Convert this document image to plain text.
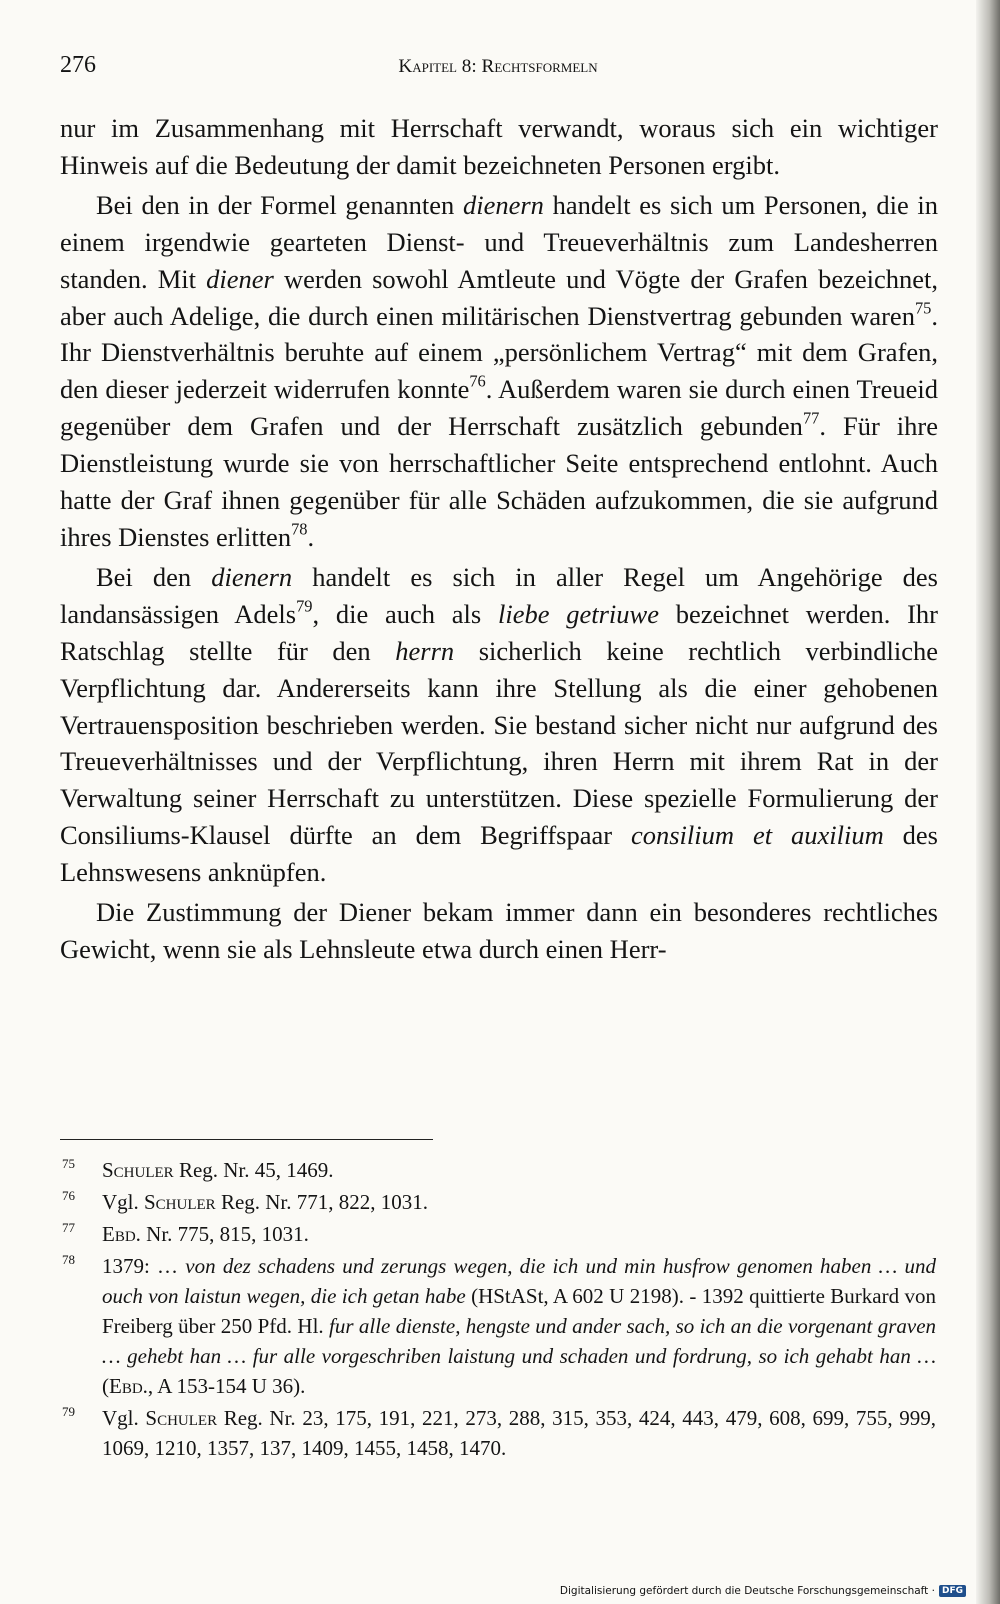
276	Kapitel 8: Rechtsformeln

nur im Zusammenhang mit Herrschaft verwandt, woraus sich ein wichtiger Hinweis auf die Bedeutung der damit bezeichneten Personen ergibt.

Bei den in der Formel genannten dienern handelt es sich um Personen, die in einem irgendwie gearteten Dienst- und Treueverhältnis zum Landesherren standen. Mit diener werden sowohl Amtleute und Vögte der Grafen bezeichnet, aber auch Adelige, die durch einen militärischen Dienstvertrag gebunden waren$^{75}$. Ihr Dienstverhältnis beruhte auf einem „persönlichem Vertrag“ mit dem Grafen, den dieser jederzeit widerrufen konnte$^{76}$. Außerdem waren sie durch einen Treueid gegenüber dem Grafen und der Herrschaft zusätzlich gebunden$^{77}$. Für ihre Dienstleistung wurde sie von herrschaftlicher Seite entsprechend entlohnt. Auch hatte der Graf ihnen gegenüber für alle Schäden aufzukommen, die sie aufgrund ihres Dienstes erlitten$^{78}$.

Bei den dienern handelt es sich in aller Regel um Angehörige des landansässigen Adels$^{79}$, die auch als liebe getriuwe bezeichnet werden. Ihr Ratschlag stellte für den herrn sicherlich keine rechtlich verbindliche Verpflichtung dar. Andererseits kann ihre Stellung als die einer gehobenen Vertrauensposition beschrieben werden. Sie bestand sicher nicht nur aufgrund des Treueverhältnisses und der Verpflichtung, ihren Herrn mit ihrem Rat in der Verwaltung seiner Herrschaft zu unterstützen. Diese spezielle Formulierung der Consiliums-Klausel dürfte an dem Begriffspaar consilium et auxilium des Lehnswesens anknüpfen.

Die Zustimmung der Diener bekam immer dann ein besonderes rechtliches Gewicht, wenn sie als Lehnsleute etwa durch einen Herr-

75 Schuler Reg. Nr. 45, 1469.
76 Vgl. Schuler Reg. Nr. 771, 822, 1031.
77 Ebd. Nr. 775, 815, 1031.
78 1379: … von dez schadens und zerungs wegen, die ich und min husfrow genomen haben … und ouch von laistun wegen, die ich getan habe (HStASt, A 602 U 2198). - 1392 quittierte Burkard von Freiberg über 250 Pfd. Hl. fur alle dienste, hengste und ander sach, so ich an die vorgenant graven … gehebt han … fur alle vorgeschriben laistung und schaden und fordrung, so ich gehabt han … (Ebd., A 153-154 U 36).
79 Vgl. Schuler Reg. Nr. 23, 175, 191, 221, 273, 288, 315, 353, 424, 443, 479, 608, 699, 755, 999, 1069, 1210, 1357, 137, 1409, 1455, 1458, 1470.
Digitalisierung gefördert durch die Deutsche Forschungsgemeinschaft · DFG
